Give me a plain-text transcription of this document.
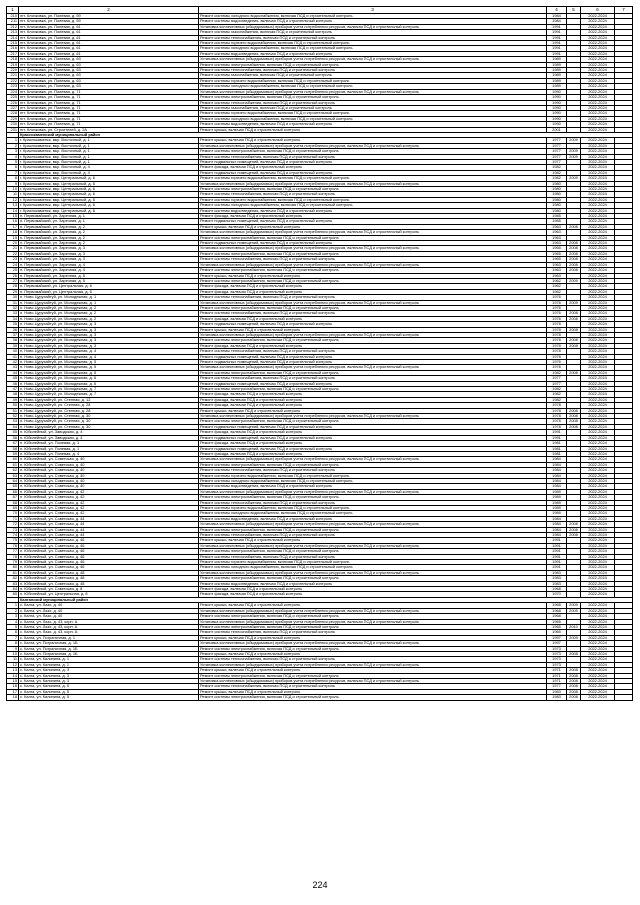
1	2	3	4	5	6	7
210	пгт. Кличковка, ул. Полевая, д. 59	Ремонт системы холодного водоснабжения, включая ПСД и строительный контроль	1984		2022-2024	
211	пгт. Кличковка, ул. Полевая, д. 59	Ремонт системы водоотведения, включая ПСД и строительный контроль	1984		2022-2024	
212	пгт. Кличковка, ул. Полевая, д. 61	Установка коллективных (общедомовых) приборов учета потребления ресурсов, включая ПСД и строительный контроль	1991		2022-2024	
213	пгт. Кличковка, ул. Полевая, д. 61	Ремонт системы газоснабжения, включая ПСД и строительный контроль	1991		2022-2024	
214	пгт. Кличковка, ул. Полевая, д. 61	Ремонт системы теплоснабжения, включая ПСД и строительный контроль	1991		2022-2024	
215	пгт. Кличковка, ул. Полевая, д. 61	Ремонт системы горячего водоснабжения, включая ПСД и строительный контроль	1991		2022-2024	
216	пгт. Кличковка, ул. Полевая, д. 61	Ремонт системы холодного водоснабжения, включая ПСД и строительный контроль	1991		2022-2024	
217	пгт. Кличковка, ул. Полевая, д. 61	Ремонт системы водоотведения, включая ПСД и строительный контроль	1991		2022-2024	
218	пгт. Кличковка, ул. Полевая, д. 63	Установка коллективных (общедомовых) приборов учета потребления ресурсов, включая ПСД и строительный контроль	1989		2022-2024	
219	пгт. Кличковка, ул. Полевая, д. 63	Ремонт системы электроснабжения, включая ПСД и строительный контроль	1989		2022-2024	
220	пгт. Кличковка, ул. Полевая, д. 63	Ремонт системы теплоснабжения, включая ПСД и строительный контроль	1989		2022-2024	
221	пгт. Кличковка, ул. Полевая, д. 63	Ремонт системы газоснабжения, включая ПСД и строительный контроль	1989		2022-2024	
222	пгт. Кличковка, ул. Полевая, д. 63	Ремонт системы горячего водоснабжения, включая ПСД и строительный контроль	1989		2022-2024	
223	пгт. Кличковка, ул. Полевая, д. 63	Ремонт системы холодного водоснабжения, включая ПСД и строительный контроль	1989		2022-2024	
224	пгт. Кличковка, ул. Полевая, д. 71	Установка коллективных (общедомовых) приборов учета потребления ресурсов, включая ПСД и строительный контроль	1990		2022-2024	
225	пгт. Кличковка, ул. Полевая, д. 71	Ремонт системы электроснабжения, включая ПСД и строительный контроль	1990		2022-2024	
226	пгт. Кличковка, ул. Полевая, д. 71	Ремонт системы теплоснабжения, включая ПСД и строительный контроль	1990		2022-2024	
227	пгт. Кличковка, ул. Полевая, д. 71	Ремонт системы газоснабжения, включая ПСД и строительный контроль	1990		2022-2024	
228	пгт. Кличковка, ул. Полевая, д. 71	Ремонт системы горячего водоснабжения, включая ПСД и строительный контроль	1990		2022-2024	
229	пгт. Кличковка, ул. Полевая, д. 71	Ремонт системы холодного водоснабжения, включая ПСД и строительный контроль	1990		2022-2024	
230	пгт. Кличковка, ул. Полевая, д. 71	Ремонт системы водоотведения, включая ПСД и строительный контроль	1990		2022-2024	
231	пгт. Кличковка, ул. Строителей, д. 2А	Ремонт крыши, включая ПСД и строительный контроль	2001		2022-2024	
	Краснокаменский муниципальный район					
1	г. Краснокаменск, мкр. Восточный, д. 1	Ремонт крыши, включая ПСД и строительный контроль	1977	2009	2022-2024	
2	г. Краснокаменск, мкр. Восточный, д. 1	Установка коллективных (общедомовых) приборов учета потребления ресурсов, включая ПСД и строительный контроль	1977		2022-2024	
3	г. Краснокаменск, мкр. Восточный, д. 1	Ремонт системы электроснабжения, включая ПСД и строительный контроль	1977	2009	2022-2024	
4	г. Краснокаменск, мкр. Восточный, д. 1	Ремонт системы теплоснабжения, включая ПСД и строительный контроль	1977	2009	2022-2024	
5	г. Краснокаменск, мкр. Восточный, д. 1	Ремонт подвальных помещений, включая ПСД и строительный контроль	1977		2022-2024	
6	г. Краснокаменск, мкр. Восточный, д. 4	Ремонт фасада, включая ПСД и строительный контроль	1982		2022-2024	
7	г. Краснокаменск, мкр. Восточный, д. 4	Ремонт подвальных помещений, включая ПСД и строительный контроль	1982		2022-2024	
8	г. Краснокаменск, мкр. Центральный, д. 6	Ремонт системы горячего водоснабжения, включая ПСД и строительный контроль	1982	2009	2022-2024	
9	г. Краснокаменск, мкр. Центральный, д. 6	Установка коллективных (общедомовых) приборов учета потребления ресурсов, включая ПСД и строительный контроль	1980		2022-2024	
10	г. Краснокаменск, мкр. Центральный, д. 6	Ремонт системы электроснабжения, включая ПСД и строительный контроль	1980		2022-2024	
11	г. Краснокаменск, мкр. Центральный, д. 6	Ремонт системы теплоснабжения, включая ПСД и строительный контроль	1980		2022-2024	
12	г. Краснокаменск, мкр. Центральный, д. 6	Ремонт системы горячего водоснабжения, включая ПСД и строительный контроль	1980		2022-2024	
13	г. Краснокаменск, мкр. Центральный, д. 6	Ремонт системы холодного водоснабжения, включая ПСД и строительный контроль	1980		2022-2024	
14	г. Краснокаменск, мкр. Центральный, д. 6	Ремонт системы водоотведения, включая ПСД и строительный контроль	1980		2022-2024	
15	п. Первомайский, ул. Заречная, д. 1	Ремонт фасада, включая ПСД и строительный контроль	1985		2022-2024	
16	п. Первомайский, ул. Заречная, д. 1	Ремонт подвальных помещений, включая ПСД и строительный контроль	1985		2022-2024	
17	п. Первомайский, ул. Заречная, д. 2	Ремонт крыши, включая ПСД и строительный контроль	1963	2008	2022-2024	
18	п. Первомайский, ул. Заречная, д. 2	Установка коллективных (общедомовых) приборов учета потребления ресурсов, включая ПСД и строительный контроль	1963		2022-2024	
19	п. Первомайский, ул. Заречная, д. 2	Ремонт системы электроснабжения, включая ПСД и строительный контроль	1963		2022-2024	
20	п. Первомайский, ул. Заречная, д. 2	Ремонт подвальных помещений, включая ПСД и строительный контроль	1963	2008	2022-2024	
21	п. Первомайский, ул. Заречная, д. 3	Установка коллективных (общедомовых) приборов учета потребления ресурсов, включая ПСД и строительный контроль	1965	2008	2022-2024	
22	п. Первомайский, ул. Заречная, д. 3	Ремонт системы электроснабжения, включая ПСД и строительный контроль	1965	2008	2022-2024	
23	п. Первомайский, ул. Заречная, д. 3	Ремонт системы теплоснабжения, включая ПСД и строительный контроль	1965	2008	2022-2024	
24	п. Первомайский, ул. Заречная, д. 4	Установка коллективных (общедомовых) приборов учета потребления ресурсов, включая ПСД и строительный контроль	1963	2008	2022-2024	
25	п. Первомайский, ул. Заречная, д. 4	Ремонт системы электроснабжения, включая ПСД и строительный контроль	1963	2008	2022-2024	
26	п. Первомайский, ул. Заречная, д. 5	Ремонт крыши, включая ПСД и строительный контроль	1963		2022-2024	
27	п. Первомайский, ул. Заречная, д. 5	Ремонт системы электроснабжения, включая ПСД и строительный контроль	1962	2009	2022-2024	
28	п. Первомайский, ул. Центральная, д. 6	Ремонт фасада, включая ПСД и строительный контроль	1962		2022-2024	
29	п. Первомайский, ул. Центральная, д. 6	Ремонт фасада, включая ПСД и строительный контроль	1962		2022-2024	
30	п. Ново-Цурухайтуй, ул. Молодежная, д. 1	Ремонт системы теплоснабжения, включая ПСД и строительный контроль	1976		2022-2024	
31	п. Ново-Цурухайтуй, ул. Молодежная, д. 1	Установка коллективных (общедомовых) приборов учета потребления ресурсов, включая ПСД и строительный контроль	1976	2009	2022-2024	
32	п. Ново-Цурухайтуй, ул. Молодежная, д. 2	Ремонт системы электроснабжения, включая ПСД и строительный контроль	1976		2022-2024	
33	п. Ново-Цурухайтуй, ул. Молодежная, д. 2	Ремонт системы теплоснабжения, включая ПСД и строительный контроль	1976	2008	2022-2024	
34	п. Ново-Цурухайтуй, ул. Молодежная, д. 2	Ремонт фасада, включая ПСД и строительный контроль	1976	2008	2022-2024	
35	п. Ново-Цурухайтуй, ул. Молодежная, д. 3	Ремонт подвальных помещений, включая ПСД и строительный контроль	1978		2022-2024	
36	п. Ново-Цурухайтуй, ул. Молодежная, д. 3	Ремонт крыши, включая ПСД и строительный контроль	1978	2008	2022-2024	
37	п. Ново-Цурухайтуй, ул. Молодежная, д. 3	Установка коллективных (общедомовых) приборов учета потребления ресурсов, включая ПСД и строительный контроль	1978		2022-2024	
38	п. Ново-Цурухайтуй, ул. Молодежная, д. 3	Ремонт системы электроснабжения, включая ПСД и строительный контроль	1978	2008	2022-2024	
39	п. Ново-Цурухайтуй, ул. Молодежная, д. 3	Ремонт фасада, включая ПСД и строительный контроль	1978	2008	2022-2024	
40	п. Ново-Цурухайтуй, ул. Молодежная, д. 4	Ремонт системы теплоснабжения, включая ПСД и строительный контроль	1978		2022-2024	
41	п. Ново-Цурухайтуй, ул. Молодежная, д. 4	Ремонт подвальных помещений, включая ПСД и строительный контроль	1978		2022-2024	
42	п. Ново-Цурухайтуй, ул. Молодежная, д. 5	Ремонт подвальных помещений, включая ПСД и строительный контроль	1976		2022-2024	
43	п. Ново-Цурухайтуй, ул. Молодежная, д. 5	Установка коллективных (общедомовых) приборов учета потребления ресурсов, включая ПСД и строительный контроль	1976		2022-2024	
44	п. Ново-Цурухайтуй, ул. Молодежная, д. 5	Ремонт системы электроснабжения, включая ПСД и строительный контроль	1982	2008	2022-2024	
45	п. Ново-Цурухайтуй, ул. Молодежная, д. 6	Ремонт системы теплоснабжения, включая ПСД и строительный контроль	1977		2022-2024	
46	п. Ново-Цурухайтуй, ул. Молодежная, д. 6	Ремонт подвальных помещений, включая ПСД и строительный контроль	1977		2022-2024	
47	п. Ново-Цурухайтуй, ул. Молодежная, д. 7	Ремонт системы электроснабжения, включая ПСД и строительный контроль	1982		2022-2024	
48	п. Ново-Цурухайтуй, ул. Молодежная, д. 7	Ремонт фасада, включая ПСД и строительный контроль	1982		2022-2024	
49	п. Ново-Цурухайтуй, ул. Степная, д. 12	Ремонт фасада, включая ПСД и строительный контроль	1982		2022-2024	
50	п. Ново-Цурухайтуй, ул. Степная, д. 28	Ремонт фасада, включая ПСД и строительный контроль	1978		2022-2024	
51	п. Ново-Цурухайтуй, ул. Степная, д. 28	Ремонт крыши, включая ПСД и строительный контроль	1978	2008	2022-2024	
52	п. Ново-Цурухайтуй, ул. Степная, д. 30	Установка коллективных (общедомовых) приборов учета потребления ресурсов, включая ПСД и строительный контроль	1978	2008	2022-2024	
53	п. Ново-Цурухайтуй, ул. Степная, д. 30	Ремонт системы электроснабжения, включая ПСД и строительный контроль	1978	2008	2022-2024	
54	п. Ново-Цурухайтуй, ул. Степная, д. 30	Ремонт подвальных помещений, включая ПСД и строительный контроль	1978	2008	2022-2024	
55	п. Юбилейный, ул. Заводская, д. 4	Ремонт фасада, включая ПСД и строительный контроль	1991		2022-2024	
56	п. Юбилейный, ул. Заводская, д. 4	Ремонт подвальных помещений, включая ПСД и строительный контроль	1991		2022-2024	
57	п. Юбилейный, ул. Полевая, д. 1	Ремонт фасада, включая ПСД и строительный контроль	1981		2022-2024	
58	п. Юбилейный, ул. Полевая, д. 1	Ремонт подвальных помещений, включая ПСД и строительный контроль	1981		2022-2024	
59	п. Юбилейный, ул. Полевая, д. 4	Ремонт фасада, включая ПСД и строительный контроль	1981		2022-2024	
60	п. Юбилейный, ул. Советская, д. 40	Установка коллективных (общедомовых) приборов учета потребления ресурсов, включая ПСД и строительный контроль	1984		2022-2024	
61	п. Юбилейный, ул. Советская, д. 40	Ремонт системы электроснабжения, включая ПСД и строительный контроль	1984		2022-2024	
62	п. Юбилейный, ул. Советская, д. 40	Ремонт системы теплоснабжения, включая ПСД и строительный контроль	1984		2022-2024	
63	п. Юбилейный, ул. Советская, д. 40	Ремонт системы горячего водоснабжения, включая ПСД и строительный контроль	1984		2022-2024	
64	п. Юбилейный, ул. Советская, д. 40	Ремонт системы холодного водоснабжения, включая ПСД и строительный контроль	1984		2022-2024	
65	п. Юбилейный, ул. Советская, д. 40	Ремонт системы водоотведения, включая ПСД и строительный контроль	1984		2022-2024	
66	п. Юбилейный, ул. Советская, д. 42	Установка коллективных (общедомовых) приборов учета потребления ресурсов, включая ПСД и строительный контроль	1989		2022-2024	
67	п. Юбилейный, ул. Советская, д. 42	Ремонт системы электроснабжения, включая ПСД и строительный контроль	1989		2022-2024	
68	п. Юбилейный, ул. Советская, д. 42	Ремонт системы теплоснабжения, включая ПСД и строительный контроль	1989		2022-2024	
69	п. Юбилейный, ул. Советская, д. 42	Ремонт системы горячего водоснабжения, включая ПСД и строительный контроль	1989		2022-2024	
70	п. Юбилейный, ул. Советская, д. 42	Ремонт системы холодного водоснабжения, включая ПСД и строительный контроль	1989		2022-2024	
71	п. Юбилейный, ул. Советская, д. 44	Ремонт системы водоотведения, включая ПСД и строительный контроль	1984		2022-2024	
72	п. Юбилейный, ул. Советская, д. 44	Установка коллективных (общедомовых) приборов учета потребления ресурсов, включая ПСД и строительный контроль	1984	2008	2022-2024	
73	п. Юбилейный, ул. Советская, д. 44	Ремонт системы электроснабжения, включая ПСД и строительный контроль	1984	2008	2022-2024	
74	п. Юбилейный, ул. Советская, д. 44	Ремонт системы теплоснабжения, включая ПСД и строительный контроль	1984	2008	2022-2024	
75	п. Юбилейный, ул. Советская, д. 46	Ремонт крыши, включая ПСД и строительный контроль	1991		2022-2024	
76	п. Юбилейный, ул. Советская, д. 46	Установка коллективных (общедомовых) приборов учета потребления ресурсов, включая ПСД и строительный контроль	1991		2022-2024	
77	п. Юбилейный, ул. Советская, д. 46	Ремонт системы электроснабжения, включая ПСД и строительный контроль	1991		2022-2024	
78	п. Юбилейный, ул. Советская, д. 46	Ремонт системы теплоснабжения, включая ПСД и строительный контроль	1991		2022-2024	
79	п. Юбилейный, ул. Советская, д. 46	Ремонт системы горячего водоснабжения, включая ПСД и строительный контроль	1991		2022-2024	
80	п. Юбилейный, ул. Советская, д. 46	Ремонт системы холодного водоснабжения, включая ПСД и строительный контроль	1991		2022-2024	
81	п. Юбилейный, ул. Советская, д. 48	Установка коллективных (общедомовых) приборов учета потребления ресурсов, включая ПСД и строительный контроль	1983		2022-2024	
82	п. Юбилейный, ул. Советская, д. 48	Ремонт системы электроснабжения, включая ПСД и строительный контроль	1983		2022-2024	
83	п. Юбилейный, ул. Советская, д. 48	Ремонт системы водоотведения, включая ПСД и строительный контроль	1983		2022-2024	
84	п. Юбилейный, ул. Советская, д. 8	Ремонт фасада, включая ПСД и строительный контроль	1968		2022-2024	
85	п. Юбилейный, ул. Центральная, д. 8	Ремонт фасада, включая ПСД и строительный контроль	1970		2022-2024	
	Калганский муниципальный район					
1	с. Калга, ул. Лазо, д. 40	Ремонт крыши, включая ПСД и строительный контроль	1968	2009	2022-2024	
2	с. Калга, ул. Лазо, д. 40	Установка коллективных (общедомовых) приборов учета потребления ресурсов, включая ПСД и строительный контроль	1968	2009	2022-2024	
3	с. Калга, ул. Лазо, д. 40	Ремонт системы электроснабжения, включая ПСД и строительный контроль	1968		2022-2024	
4	с. Калга, ул. Лазо, д. 43, корп. А	Установка коллективных (общедомовых) приборов учета потребления ресурсов, включая ПСД и строительный контроль	1965		2022-2024	
5	с. Калга, ул. Лазо, д. 43, корп. А	Ремонт системы электроснабжения, включая ПСД и строительный контроль	1965	2010	2022-2024	
6	с. Калга, ул. Лазо, д. 43, корп. А	Ремонт системы теплоснабжения, включая ПСД и строительный контроль	1965		2022-2024	
7	с. Калга, ул. Пограничная, д. 1	Ремонт крыши, включая ПСД и строительный контроль	1997	2009	2022-2024	
8	с. Калга, ул. Пограничная, д. 1Б	Установка коллективных (общедомовых) приборов учета потребления ресурсов, включая ПСД и строительный контроль	1997		2022-2024	
9	с. Калга, ул. Пограничная, д. 1Б	Ремонт системы электроснабжения, включая ПСД и строительный контроль	1973		2022-2024	
10	с. Калга, ул. Пограничная, д. 1Б	Ремонт крыши, включая ПСД и строительный контроль	1973	2008	2022-2024	
11	с. Калга, ул. Калинина, д. 1	Ремонт системы теплоснабжения, включая ПСД и строительный контроль	1973		2022-2024	
12	с. Калга, ул. Калинина, д. 1	Установка коллективных (общедомовых) приборов учета потребления ресурсов, включая ПСД и строительный контроль	1973		2022-2024	
13	с. Калга, ул. Калинина, д. 3	Ремонт крыши, включая ПСД и строительный контроль	1971	2008	2022-2024	
14	с. Калга, ул. Калинина, д. 3	Ремонт системы электроснабжения, включая ПСД и строительный контроль	1971	2008	2022-2024	
15	с. Калга, ул. Калинина, д. 3	Установка коллективных (общедомовых) приборов учета потребления ресурсов, включая ПСД и строительный контроль	1971	2008	2022-2024	
16	с. Калга, ул. Калинина, д. 5	Ремонт системы теплоснабжения, включая ПСД и строительный контроль	1977	2008	2022-2024	
17	с. Калга, ул. Калинина, д. 5	Ремонт крыши, включая ПСД и строительный контроль	1983	2008	2022-2024	
18	с. Калга, ул. Калинина, д. 5	Ремонт системы электроснабжения, включая ПСД и строительный контроль	1983	2008	2022-2024	
224
